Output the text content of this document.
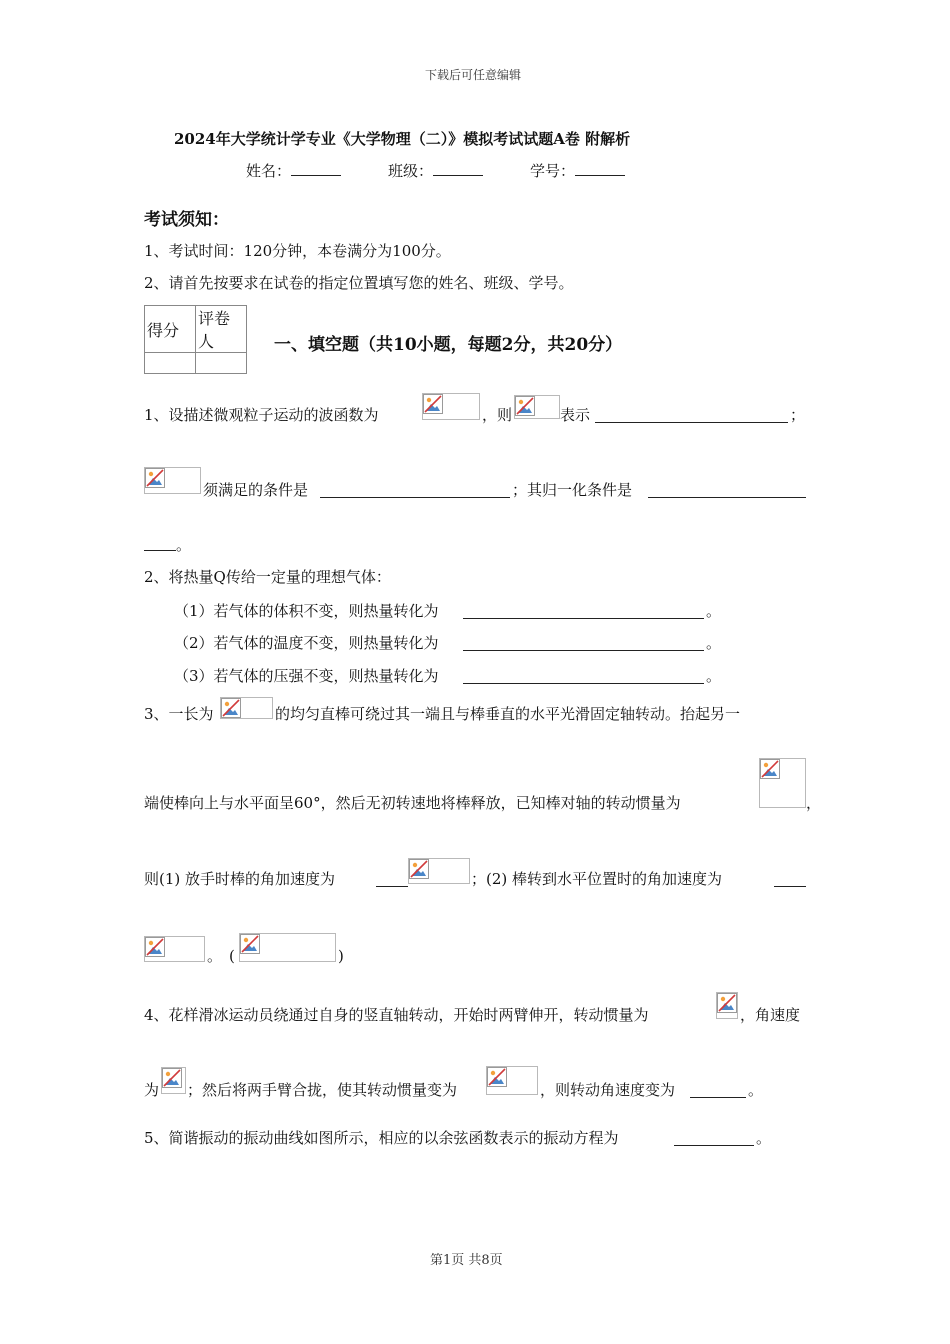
下载后可任意编辑
2024年大学统计学专业《大学物理（二）》模拟考试试题A卷 附解析
姓名：	班级：	学号：
考试须知：
1、考试时间：120分钟，本卷满分为100分。
2、请首先按要求在试卷的指定位置填写您的姓名、班级、学号。
得分	评卷人
		一、填空题（共10小题，每题2分，共20分）
1、设描述微观粒子运动的波函数为	，则	表示	；
须满足的条件是	；其归一化条件是
。
2、将热量Q传给一定量的理想气体：
（1）若气体的体积不变，则热量转化为	。
（2）若气体的温度不变，则热量转化为	。
（3）若气体的压强不变，则热量转化为	。
3、一长为	的均匀直棒可绕过其一端且与棒垂直的水平光滑固定轴转动。抬起另一
端使棒向上与水平面呈60°，然后无初转速地将棒释放，已知棒对轴的转动惯量为	，
则(1) 放手时棒的角加速度为	；(2) 棒转到水平位置时的角加速度为
。 (	)
4、花样滑冰运动员绕通过自身的竖直轴转动，开始时两臂伸开，转动惯量为	，角速度
为 ；然后将两手臂合拢，使其转动惯量变为	，则转动角速度变为	。
5、简谐振动的振动曲线如图所示，相应的以余弦函数表示的振动方程为	。
第1页 共8页
